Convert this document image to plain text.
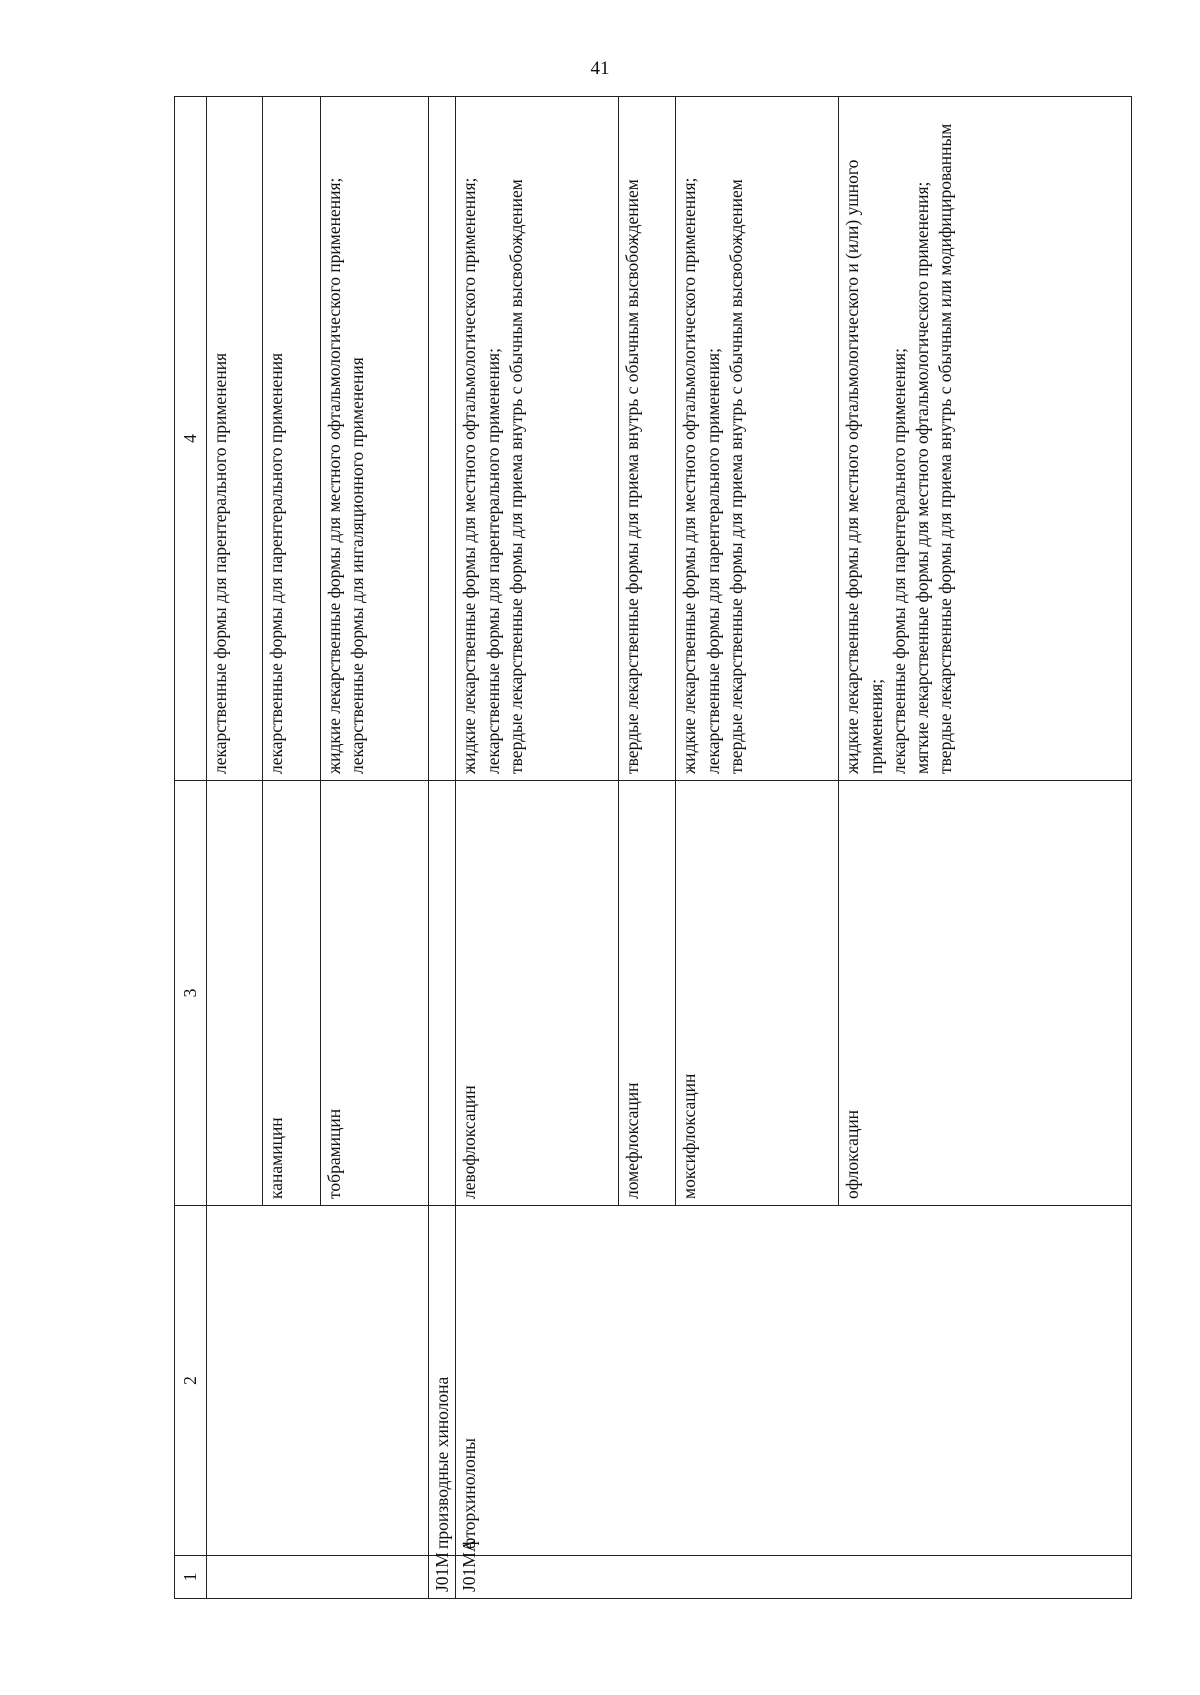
41
1	2	3	4

			лекарственные формы для парентерального применения

		канамицин	лекарственные формы для парентерального применения

		тобрамицин	жидкие лекарственные формы для местного офтальмологического применения; лекарственные формы для ингаляционного применения

J01M	производные хинолона		
J01MA	фторхинолоны	левофлоксацин	жидкие лекарственные формы для местного офтальмологического применения; лекарственные формы для парентерального применения; твердые лекарственные формы для приема внутрь с обычным высвобождением

		ломефлоксацин	твердые лекарственные формы для приема внутрь с обычным высвобождением

		моксифлоксацин	жидкие лекарственные формы для местного офтальмологического применения; лекарственные формы для парентерального применения; твердые лекарственные формы для приема внутрь с обычным высвобождением

		офлоксацин	жидкие лекарственные формы для местного офтальмологического и (или) ушного применения; лекарственные формы для парентерального применения; мягкие лекарственные формы для местного офтальмологического применения; твердые лекарственные формы для приема внутрь с обычным или модифицированным
